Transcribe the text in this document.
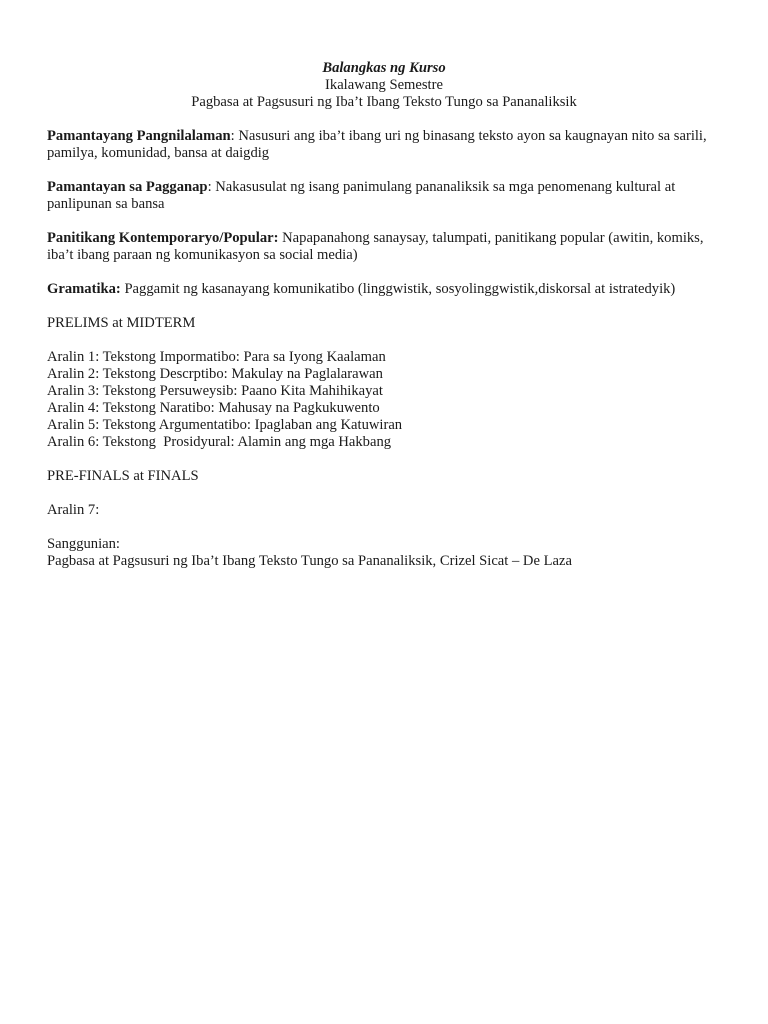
Balangkas ng Kurso
Ikalawang Semestre
Pagbasa at Pagsusuri ng Iba’t Ibang Teksto Tungo sa Pananaliksik

Pamantayang Pangnilalaman: Nasusuri ang iba’t ibang uri ng binasang teksto ayon sa kaugnayan nito sa sarili, pamilya, komunidad, bansa at daigdig

Pamantayan sa Pagganap: Nakasusulat ng isang panimulang pananaliksik sa mga penomenang kultural at panlipunan sa bansa

Panitikang Kontemporaryo/Popular: Napapanahong sanaysay, talumpati, panitikang popular (awitin, komiks, iba’t ibang paraan ng komunikasyon sa social media)

Gramatika: Paggamit ng kasanayang komunikatibo (linggwistik, sosyolinggwistik,diskorsal at istratedyik)

PRELIMS at MIDTERM
Aralin 1: Tekstong Impormatibo: Para sa Iyong Kaalaman
Aralin 2: Tekstong Descrptibo: Makulay na Paglalarawan
Aralin 3: Tekstong Persuweysib: Paano Kita Mahihikayat
Aralin 4: Tekstong Naratibo: Mahusay na Pagkukuwento
Aralin 5: Tekstong Argumentatibo: Ipaglaban ang Katuwiran
Aralin 6: Tekstong  Prosidyural: Alamin ang mga Hakbang
PRE-FINALS at FINALS
Aralin 7:
Sanggunian:
Pagbasa at Pagsusuri ng Iba’t Ibang Teksto Tungo sa Pananaliksik, Crizel Sicat – De Laza
